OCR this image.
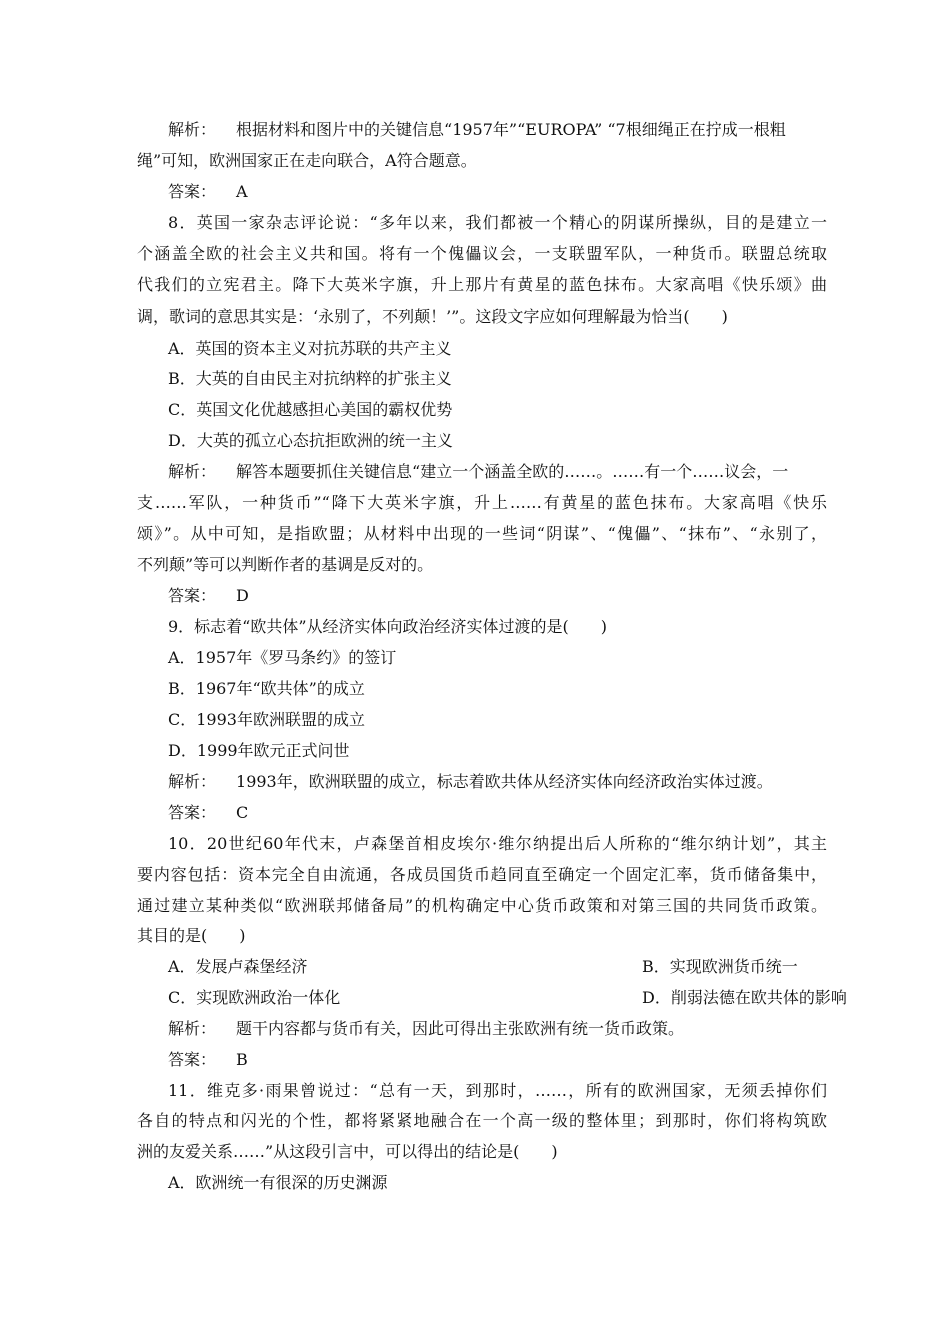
解析： 根据材料和图片中的关键信息“1957年”“EUROPA” “7根细绳正在拧成一根粗
绳”可知，欧洲国家正在走向联合，A符合题意。
答案： A
8．英国一家杂志评论说：“多年以来，我们都被一个精心的阴谋所操纵，目的是建立一
个涵盖全欧的社会主义共和国。将有一个傀儡议会，一支联盟军队，一种货币。联盟总统取
代我们的立宪君主。降下大英米字旗，升上那片有黄星的蓝色抹布。大家高唱《快乐颂》曲
调，歌词的意思其实是：‘永别了，不列颠！’”。这段文字应如何理解最为恰当(　　)
A．英国的资本主义对抗苏联的共产主义
B．大英的自由民主对抗纳粹的扩张主义
C．英国文化优越感担心美国的霸权优势
D．大英的孤立心态抗拒欧洲的统一主义
解析： 解答本题要抓住关键信息“建立一个涵盖全欧的……。……有一个……议会，一
支……军队，一种货币”“降下大英米字旗，升上……有黄星的蓝色抹布。大家高唱《快乐
颂》”。从中可知，是指欧盟；从材料中出现的一些词“阴谋”、“傀儡”、“抹布”、“永别了，
不列颠”等可以判断作者的基调是反对的。
答案： D
9．标志着“欧共体”从经济实体向政治经济实体过渡的是(　　)
A．1957年《罗马条约》的签订
B．1967年“欧共体”的成立
C．1993年欧洲联盟的成立
D．1999年欧元正式问世
解析： 1993年，欧洲联盟的成立，标志着欧共体从经济实体向经济政治实体过渡。
答案： C
10．20世纪60年代末，卢森堡首相皮埃尔·维尔纳提出后人所称的“维尔纳计划”，其主
要内容包括：资本完全自由流通，各成员国货币趋同直至确定一个固定汇率，货币储备集中，
通过建立某种类似“欧洲联邦储备局”的机构确定中心货币政策和对第三国的共同货币政策。
其目的是(　　)
A．发展卢森堡经济	B．实现欧洲货币统一
C．实现欧洲政治一体化	D．削弱法德在欧共体的影响
解析： 题干内容都与货币有关，因此可得出主张欧洲有统一货币政策。
答案： B
11．维克多·雨果曾说过：“总有一天，到那时，……，所有的欧洲国家，无须丢掉你们
各自的特点和闪光的个性，都将紧紧地融合在一个高一级的整体里；到那时，你们将构筑欧
洲的友爱关系……”从这段引言中，可以得出的结论是(　　)
A．欧洲统一有很深的历史渊源
